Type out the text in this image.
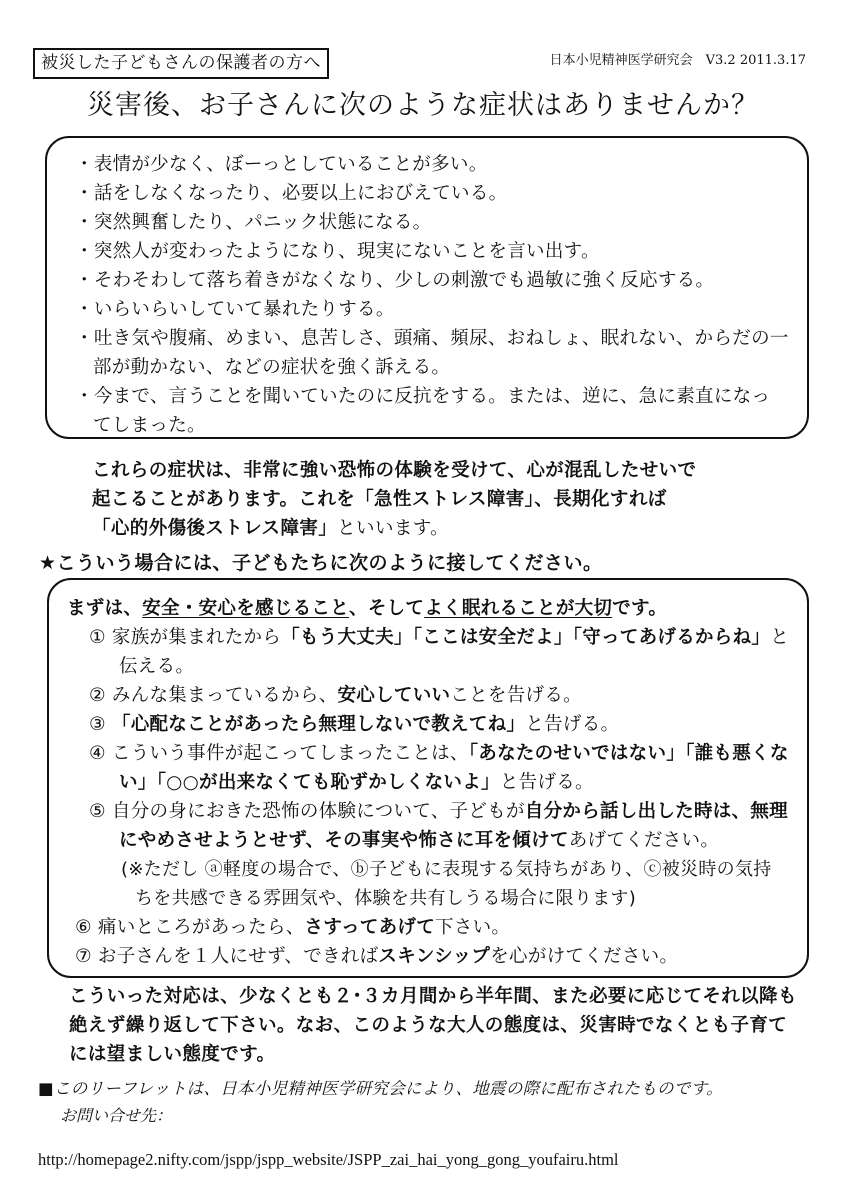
被災した子どもさんの保護者の方へ	日本小児精神医学研究会　V3.2 2011.3.17
災害後、お子さんに次のような症状はありませんか？
・ 表情が少なく、ぼーっとしていることが多い。
・ 話をしなくなったり、必要以上におびえている。
・ 突然興奮したり、パニック状態になる。
・ 突然人が変わったようになり、現実にないことを言い出す。
・ そわそわして落ち着きがなくなり、少しの刺激でも過敏に強く反応する。
・ いらいらいしていて暴れたりする。
・ 吐き気や腹痛、めまい、息苦しさ、頭痛、頻尿、おねしょ、眠れない、からだの一部が動かない、などの症状を強く訴える。
・ 今まで、言うことを聞いていたのに反抗をする。または、逆に、急に素直になってしまった。
これらの症状は、非常に強い恐怖の体験を受けて、心が混乱したせいで
起こることがあります。これを「急性ストレス障害」、長期化すれば
「心的外傷後ストレス障害」といいます。
★こういう場合には、子どもたちに次のように接してください。
まずは、安全・安心を感じること、そしてよく眠れることが大切です。
① 家族が集まれたから「もう大丈夫」「ここは安全だよ」「守ってあげるからね」と伝える。
② みんな集まっているから、安心していいことを告げる。
③ 「心配なことがあったら無理しないで教えてね」と告げる。
④ こういう事件が起こってしまったことは、「あなたのせいではない」「誰も悪くない」「○○が出来なくても恥ずかしくないよ」と告げる。
⑤ 自分の身におきた恐怖の体験について、子どもが自分から話し出した時は、無理にやめさせようとせず、その事実や怖さに耳を傾けてあげてください。
(※ただし ⓐ軽度の場合で、ⓑ子どもに表現する気持ちがあり、ⓒ被災時の気持ちを共感できる雰囲気や、体験を共有しうる場合に限ります)
⑥ 痛いところがあったら、さすってあげて下さい。
⑦ お子さんを１人にせず、できればスキンシップを心がけてください。
こういった対応は、少なくとも２･３カ月間から半年間、また必要に応じてそれ以降も絶えず繰り返して下さい。なお、このような大人の態度は、災害時でなくとも子育てには望ましい態度です。
■このリーフレットは、日本小児精神医学研究会により、地震の際に配布されたものです。
お問い合せ先：
http://homepage2.nifty.com/jspp/jspp_website/JSPP_zai_hai_yong_gong_youfairu.html
